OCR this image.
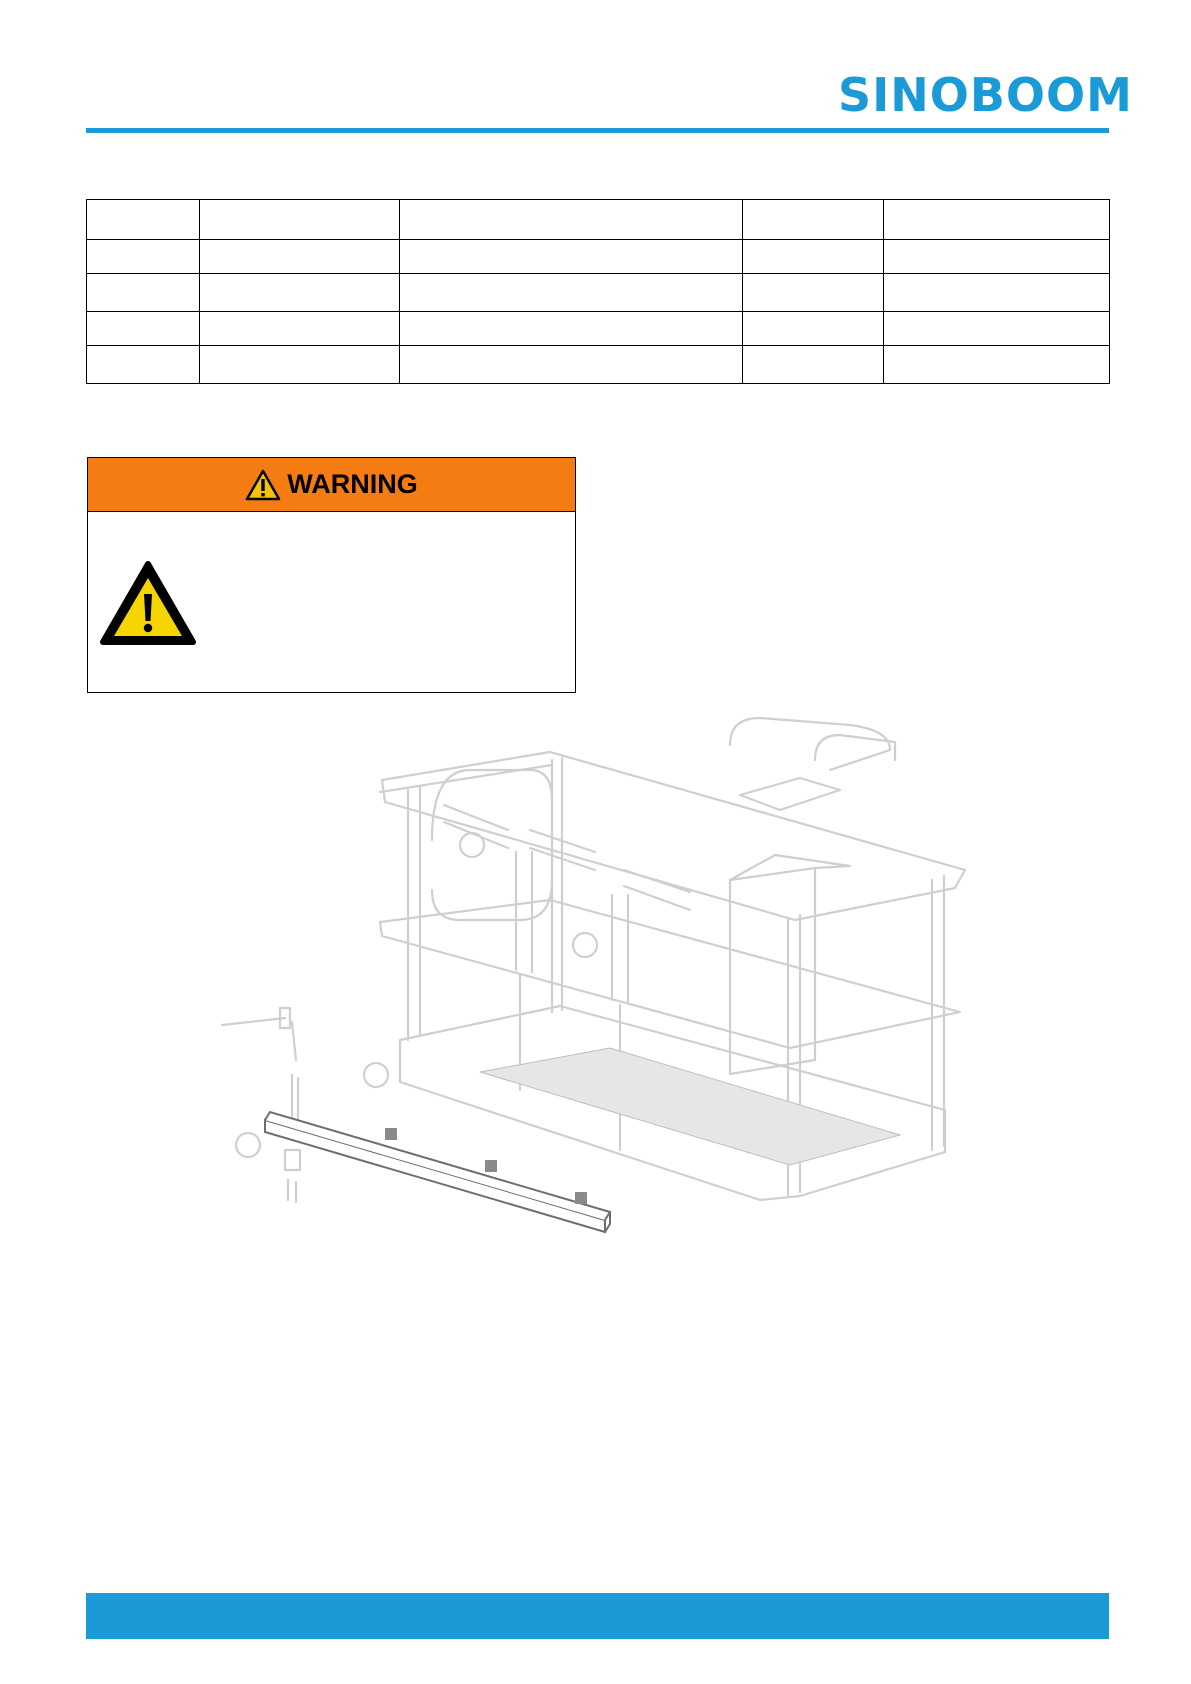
SINOBOOM

WARNING
